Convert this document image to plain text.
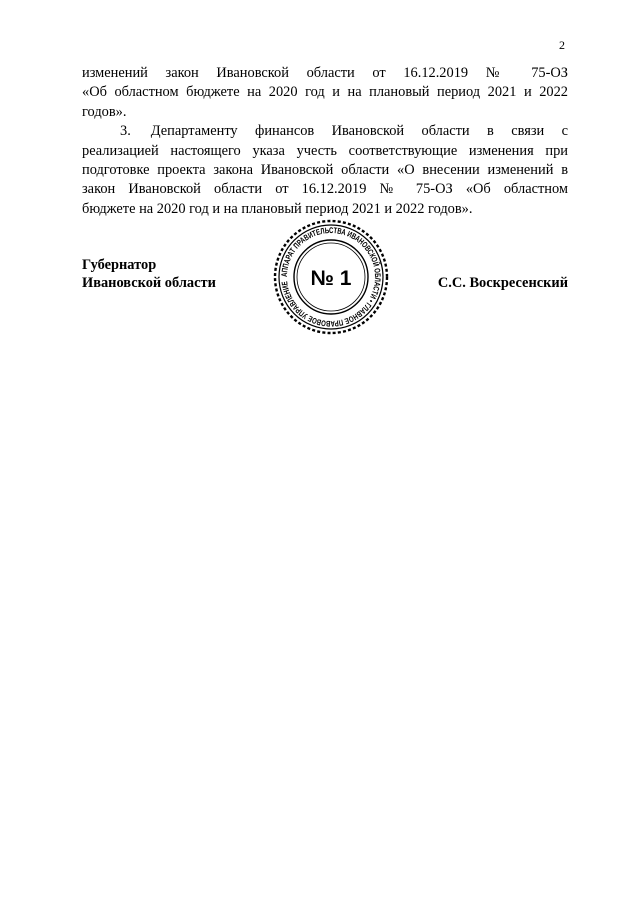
2

изменений закон Ивановской области от 16.12.2019 № 75-ОЗ
«Об областном бюджете на 2020 год и на плановый период 2021 и 2022
годов».

3. Департаменту финансов Ивановской области в связи с
реализацией настоящего указа учесть соответствующие изменения при
подготовке проекта закона Ивановской области «О внесении изменений в
закон Ивановской области от 16.12.2019 № 75-ОЗ «Об областном
бюджете на 2020 год и на плановый период 2021 и 2022 годов».

АППАРАТ ПРАВИТЕЛЬСТВА ИВАНОВСКОЙ ОБЛАСТИ • ГЛАВНОЕ ПРАВОВОЕ УПРАВЛЕНИЕ № 1
Губернатор
Ивановской области	С.С. Воскресенский
